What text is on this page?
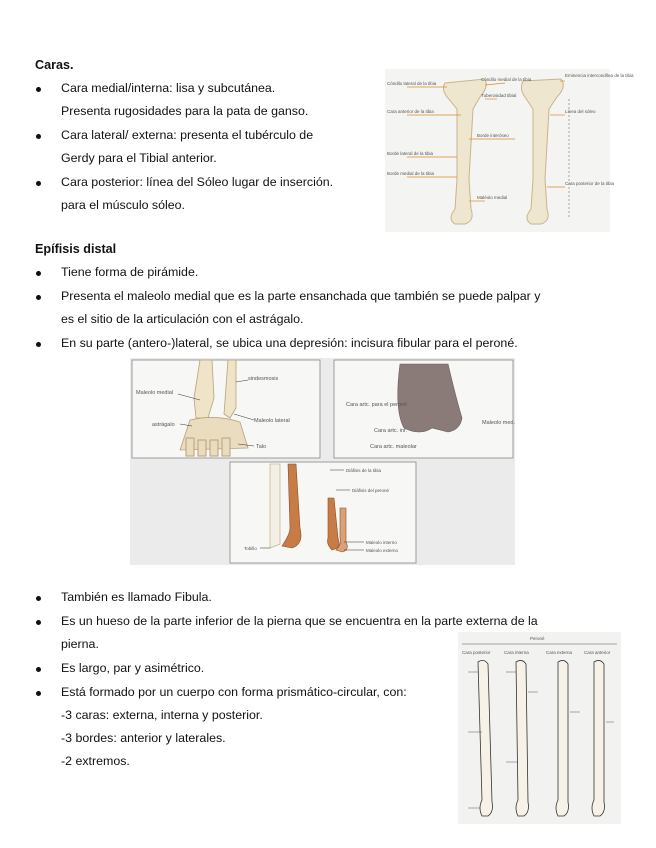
Caras.
Cara medial/interna: lisa y subcutánea.
Presenta rugosidades para la pata de ganso.
Cara lateral/ externa: presenta el tubérculo de
Gerdy para el Tibial anterior.
Cara posterior: línea del Sóleo lugar de inserción.
para el músculo sóleo.
Cóndilo lateral de la tibia
Cóndilo medial de la tibia
Eminencia intercondílea de la tibia
Tuberosidad tibial
Cara anterior de la tibia	Línea del sóleo
Borde interóseo
Borde lateral de la tibia
Borde medial de la tibia
Cara posterior de la tibia
Maléolo medial
Epífisis distal
Tiene forma de pirámide.
Presenta el maleolo medial que es la parte ensanchada que también se puede palpar y
es el sitio de la articulación con el astrágalo.
En su parte (antero-)lateral, se ubica una depresión: incisura fibular para el peroné.
Maleolo medial
sindesmosis
Maleolo lateral
astrágalo
Talo
Cara artc. para el peroné
Cara artc. inf.
Maleolo med.
Cara artc. maleolar
Diáfisis de la tibia
Diáfisis del peroné
Tobillo
Maleolo interno
Maleolo externo
También es llamado Fibula.
Es un hueso de la parte inferior de la pierna que se encuentra en la parte externa de la
pierna.
Es largo, par y asimétrico.
Está formado por un cuerpo con forma prismático-circular, con:
-3 caras: externa, interna y posterior.
-3 bordes: anterior y laterales.
-2 extremos.
Peroné
Cara posterior	Cara interna	Cara externa	Cara anterior
